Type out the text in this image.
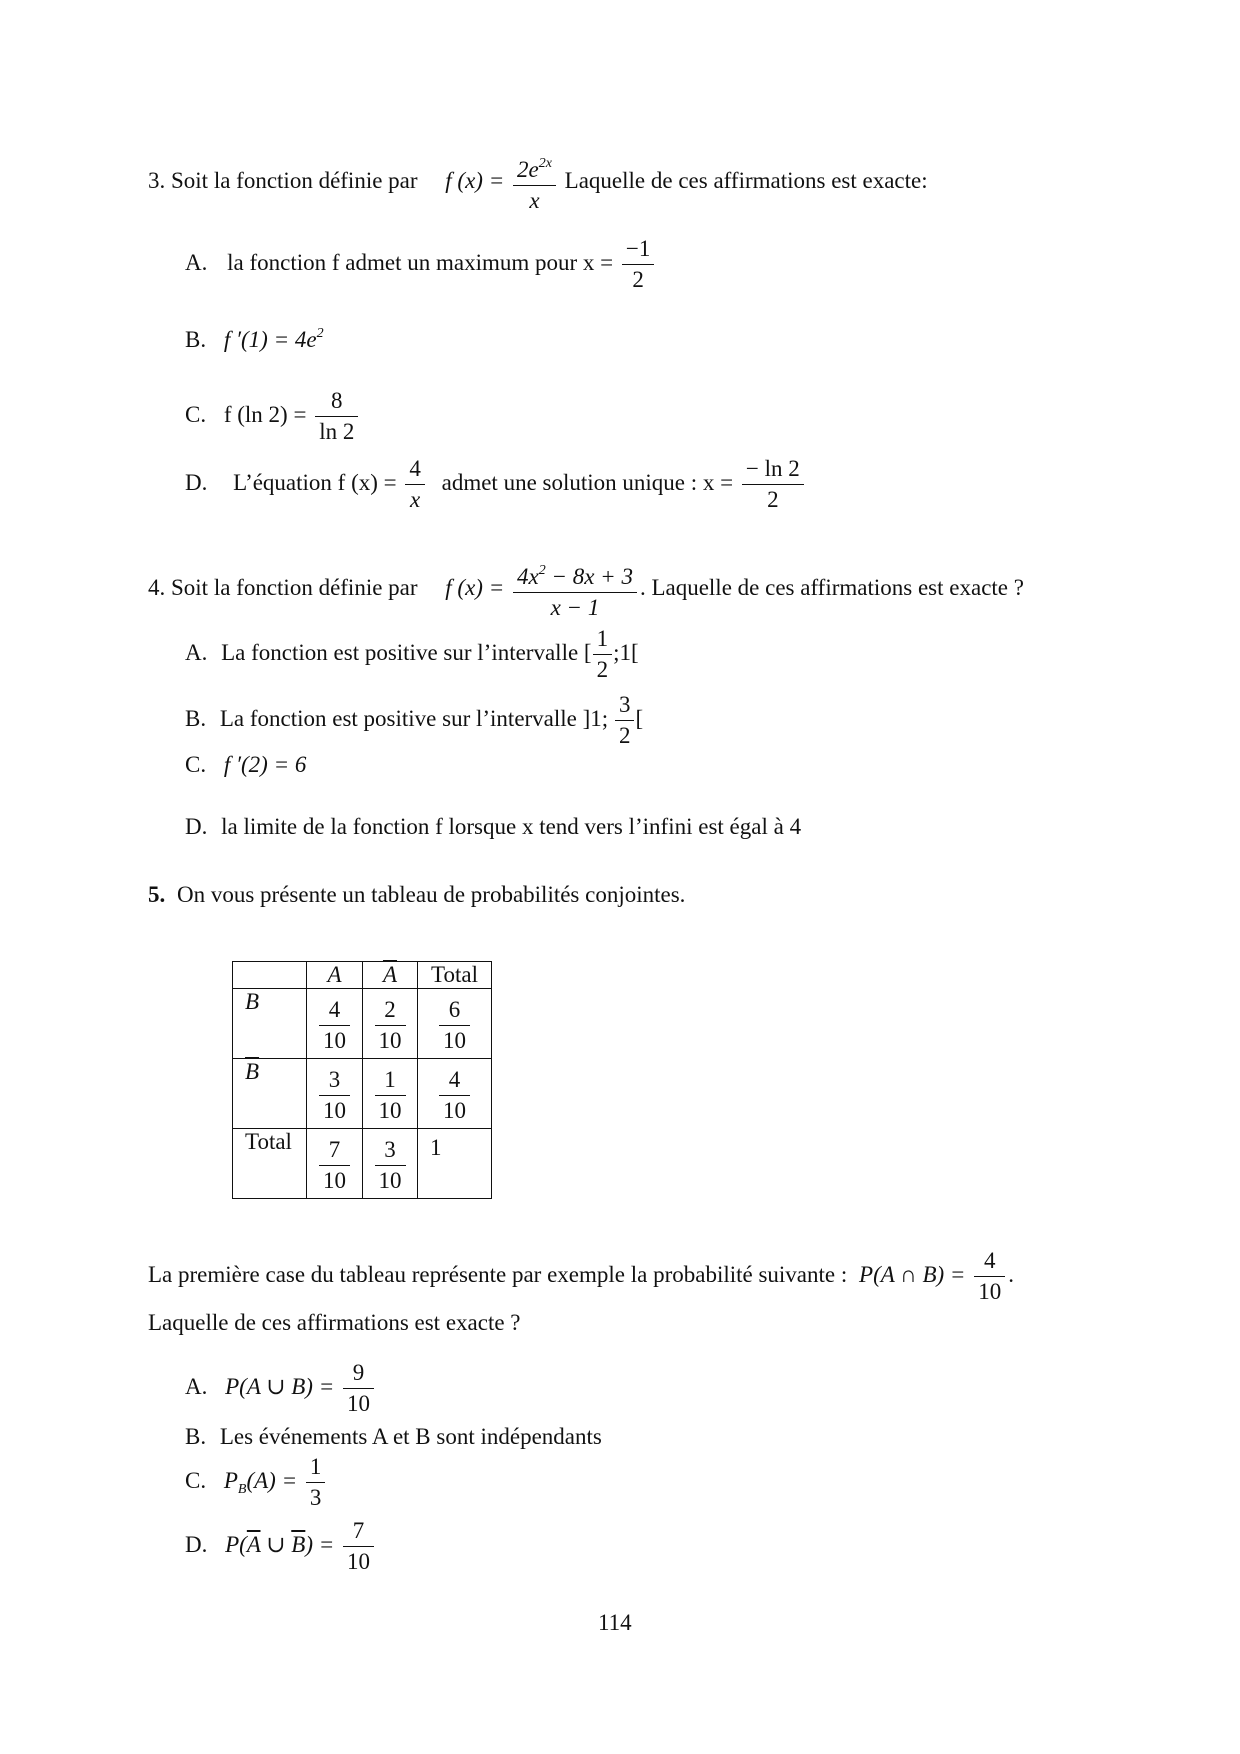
3. Soit la fonction définie par f $(x) = \frac{2e^{2x}}{x}$ Laquelle de ces affirmations est exacte:
A. la fonction f admet un maximum pour $x = \frac{-1}{2}$
B. f $'(1) = 4e^2$
C. f (ln $2) = \frac{8}{\ln 2}$
D. L’équation f $(x) = \frac{4}{x}$ admet une solution unique : $x = \frac{- \ln 2}{2}$
4. Soit la fonction définie par f $(x) = \frac{4x^2 - 8x + 3}{x - 1}$ . Laquelle de ces affirmations est exacte ?
A. La fonction est positive sur l’intervalle [ $\frac{1}{2}$ ;1[
B. La fonction est positive sur l’intervalle ]1; $\frac{3}{2}$ [
C. f ′(2) = 6
D. la limite de la fonction f lorsque x tend vers l’infini est égal à 4
5. On vous présente un tableau de probabilités conjointes.
	A	$\overline{A}$	Total
B	$\frac{4}{10}$	$\frac{2}{10}$	$\frac{6}{10}$

$\overline{B}$	$\frac{3}{10}$	$\frac{1}{10}$	$\frac{4}{10}$

Total	$\frac{7}{10}$	$\frac{3}{10}$	1
La première case du tableau représente par exemple la probabilité suivante : P(A ∩ $B) = \frac{4}{10}$ .
Laquelle de ces affirmations est exacte ?
A. P(A ∪ $B) = \frac{9}{10}$
B. Les événements A et B sont indépendants
C. $P_B(A) = \frac{1}{3}$
D. $P(\overline{A}$ ∪ $\overline{B}) = \frac{7}{10}$
114
